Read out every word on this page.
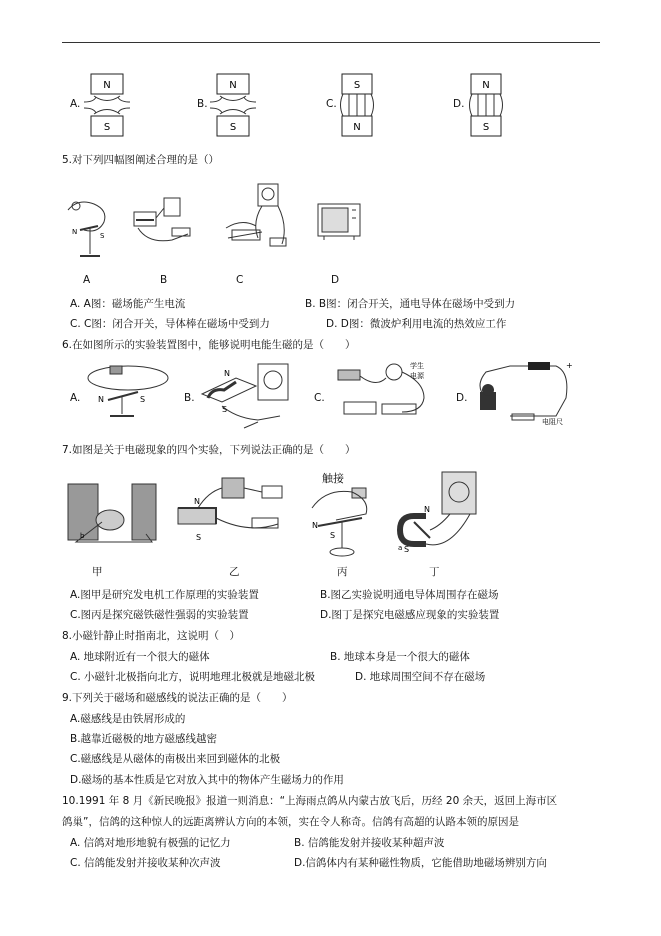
A.
N
S
B.
N
S
C.
S
N
D.
N
S
5.对下列四幅图阐述合理的是（）
N	S
A	B	C	D
A. A图：磁场能产生电流	B. B图：闭合开关，通电导体在磁场中受到力
C. C图：闭合开关，导体棒在磁场中受到力	D. D图：微波炉利用电流的热效应工作
6.在如图所示的实验装置图中，能够说明电能生磁的是（　　）
A. N	S	B.
N
S
C.
学生
电源
D.
+
电阻尺
7.如图是关于电磁现象的四个实验，下列说法正确的是（　　）
b
N
S
触接
N
S
N
S
a
甲	乙	丙	丁
A.图甲是研究发电机工作原理的实验装置	B.图乙实验说明通电导体周围存在磁场
C.图丙是探究磁铁磁性强弱的实验装置	D.图丁是探究电磁感应现象的实验装置
8.小磁针静止时指南北，这说明（　）
A. 地球附近有一个很大的磁体	B. 地球本身是一个很大的磁体
C. 小磁针北极指向北方，说明地理北极就是地磁北极	D. 地球周围空间不存在磁场
9.下列关于磁场和磁感线的说法正确的是（　　）
A.磁感线是由铁屑形成的
B.越靠近磁极的地方磁感线越密
C.磁感线是从磁体的南极出来回到磁体的北极
D.磁场的基本性质是它对放入其中的物体产生磁场力的作用
10.1991 年 8 月《新民晚报》报道一则消息：“上海雨点鸽从内蒙古放飞后，历经 20 余天，返回上海市区
鸽巢”，信鸽的这种惊人的远距离辨认方向的本领，实在令人称奇。信鸽有高超的认路本领的原因是
A. 信鸽对地形地貌有极强的记忆力	B. 信鸽能发射并接收某种超声波
C. 信鸽能发射并接收某种次声波	D.信鸽体内有某种磁性物质，它能借助地磁场辨别方向
